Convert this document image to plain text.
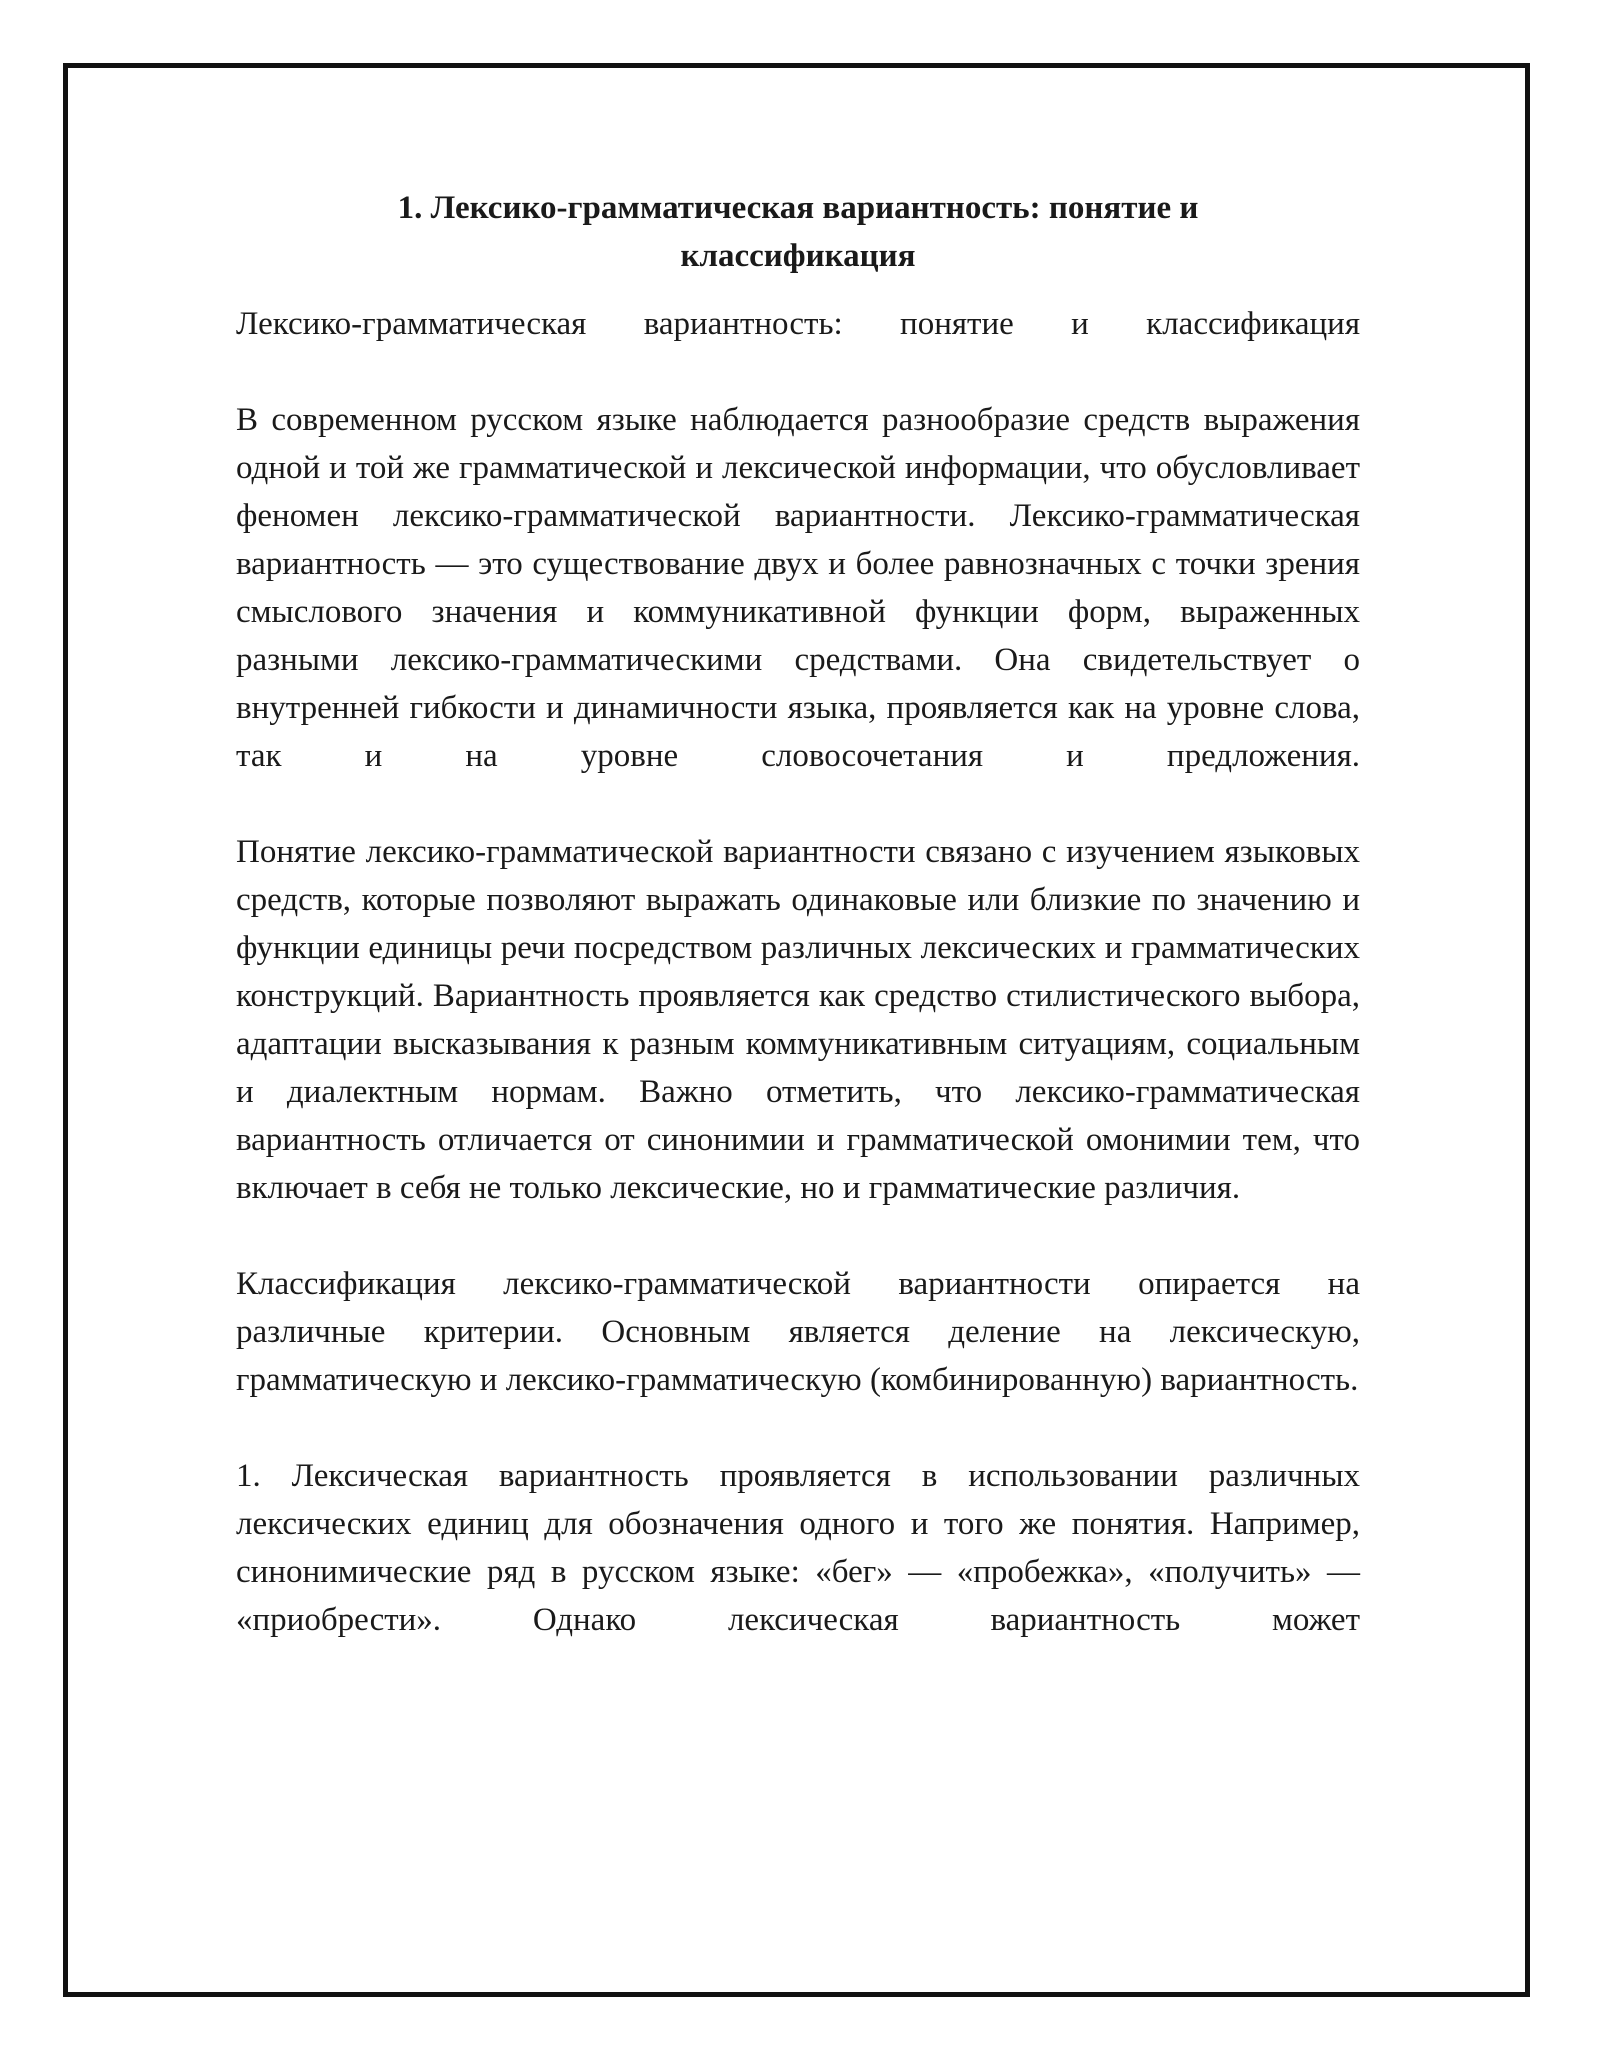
1. Лексико-грамматическая вариантность: понятие и классификация

Лексико-грамматическая вариантность: понятие и классификация

В современном русском языке наблюдается разнообразие средств выражения одной и той же грамматической и лексической информации, что обусловливает феномен лексико-грамматической вариантности. Лексико-грамматическая вариантность — это существование двух и более равнозначных с точки зрения смыслового значения и коммуникативной функции форм, выраженных разными лексико-грамматическими средствами. Она свидетельствует о внутренней гибкости и динамичности языка, проявляется как на уровне слова, так и на уровне словосочетания и предложения.

Понятие лексико-грамматической вариантности связано с изучением языковых средств, которые позволяют выражать одинаковые или близкие по значению и функции единицы речи посредством различных лексических и грамматических конструкций. Вариантность проявляется как средство стилистического выбора, адаптации высказывания к разным коммуникативным ситуациям, социальным и диалектным нормам. Важно отметить, что лексико-грамматическая вариантность отличается от синонимии и грамматической омонимии тем, что включает в себя не только лексические, но и грамматические различия.

Классификация лексико-грамматической вариантности опирается на различные критерии. Основным является деление на лексическую, грамматическую и лексико-грамматическую (комбинированную) вариантность.

1. Лексическая вариантность проявляется в использовании различных лексических единиц для обозначения одного и того же понятия. Например, синонимические ряд в русском языке: «бег» — «пробежка», «получить» — «приобрести». Однако лексическая вариантность может
